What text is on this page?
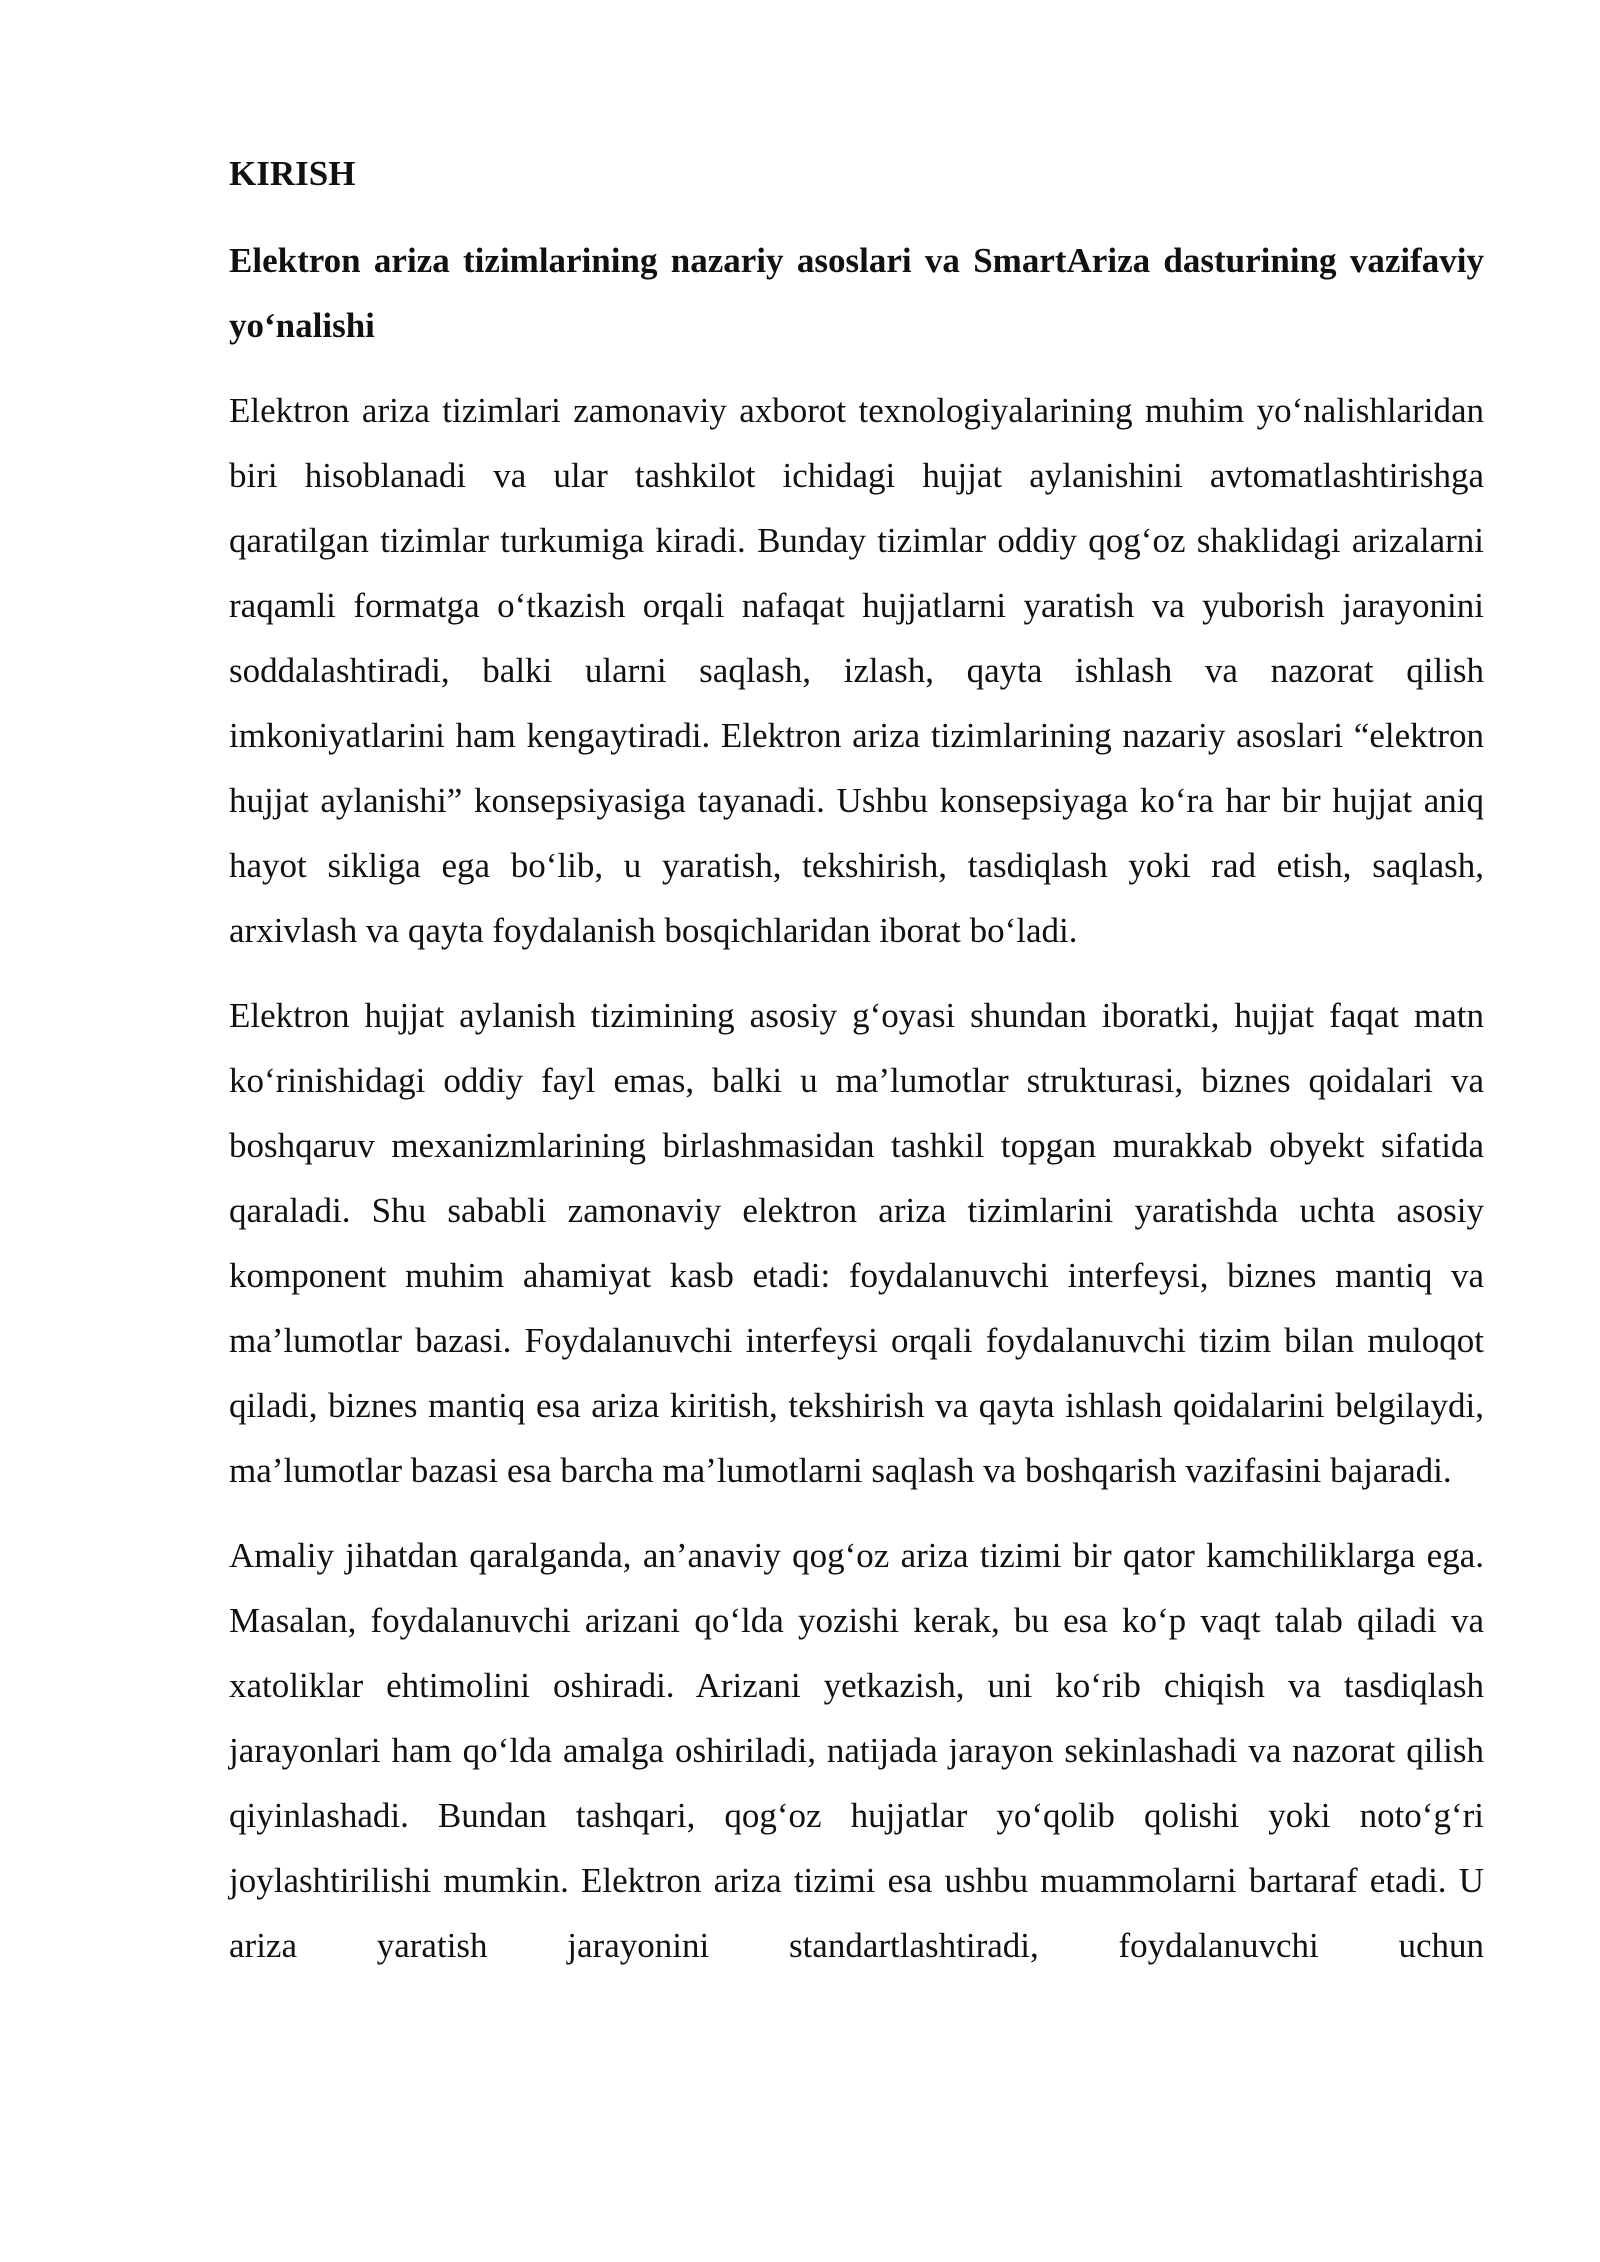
KIRISH
Elektron ariza tizimlarining nazariy asoslari va SmartAriza dasturining vazifaviy yo‘nalishi

Elektron ariza tizimlari zamonaviy axborot texnologiyalarining muhim yo‘nalishlaridan biri hisoblanadi va ular tashkilot ichidagi hujjat aylanishini avtomatlashtirishga qaratilgan tizimlar turkumiga kiradi. Bunday tizimlar oddiy qog‘oz shaklidagi arizalarni raqamli formatga o‘tkazish orqali nafaqat hujjatlarni yaratish va yuborish jarayonini soddalashtiradi, balki ularni saqlash, izlash, qayta ishlash va nazorat qilish imkoniyatlarini ham kengaytiradi. Elektron ariza tizimlarining nazariy asoslari “elektron hujjat aylanishi” konsepsiyasiga tayanadi. Ushbu konsepsiyaga ko‘ra har bir hujjat aniq hayot sikliga ega bo‘lib, u yaratish, tekshirish, tasdiqlash yoki rad etish, saqlash, arxivlash va qayta foydalanish bosqichlaridan iborat bo‘ladi.

Elektron hujjat aylanish tizimining asosiy g‘oyasi shundan iboratki, hujjat faqat matn ko‘rinishidagi oddiy fayl emas, balki u ma’lumotlar strukturasi, biznes qoidalari va boshqaruv mexanizmlarining birlashmasidan tashkil topgan murakkab obyekt sifatida qaraladi. Shu sababli zamonaviy elektron ariza tizimlarini yaratishda uchta asosiy komponent muhim ahamiyat kasb etadi: foydalanuvchi interfeysi, biznes mantiq va ma’lumotlar bazasi. Foydalanuvchi interfeysi orqali foydalanuvchi tizim bilan muloqot qiladi, biznes mantiq esa ariza kiritish, tekshirish va qayta ishlash qoidalarini belgilaydi, ma’lumotlar bazasi esa barcha ma’lumotlarni saqlash va boshqarish vazifasini bajaradi.

Amaliy jihatdan qaralganda, an’anaviy qog‘oz ariza tizimi bir qator kamchiliklarga ega. Masalan, foydalanuvchi arizani qo‘lda yozishi kerak, bu esa ko‘p vaqt talab qiladi va xatoliklar ehtimolini oshiradi. Arizani yetkazish, uni ko‘rib chiqish va tasdiqlash jarayonlari ham qo‘lda amalga oshiriladi, natijada jarayon sekinlashadi va nazorat qilish qiyinlashadi. Bundan tashqari, qog‘oz hujjatlar yo‘qolib qolishi yoki noto‘g‘ri joylashtirilishi mumkin. Elektron ariza tizimi esa ushbu muammolarni bartaraf etadi. U ariza yaratish jarayonini standartlashtiradi, foydalanuvchi uchun
